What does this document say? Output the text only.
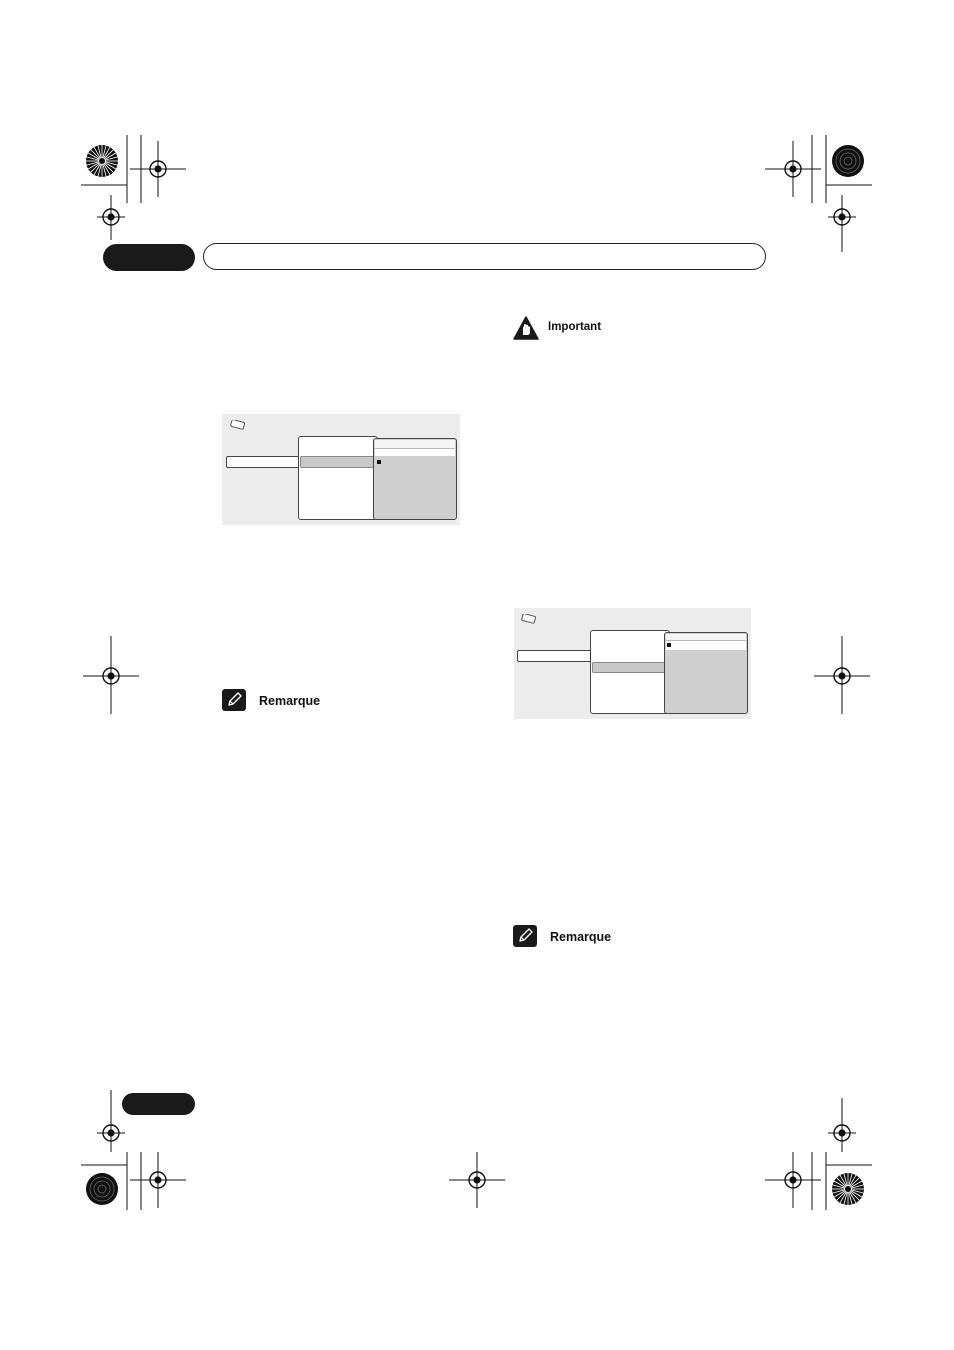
Remarque
Important
Remarque
